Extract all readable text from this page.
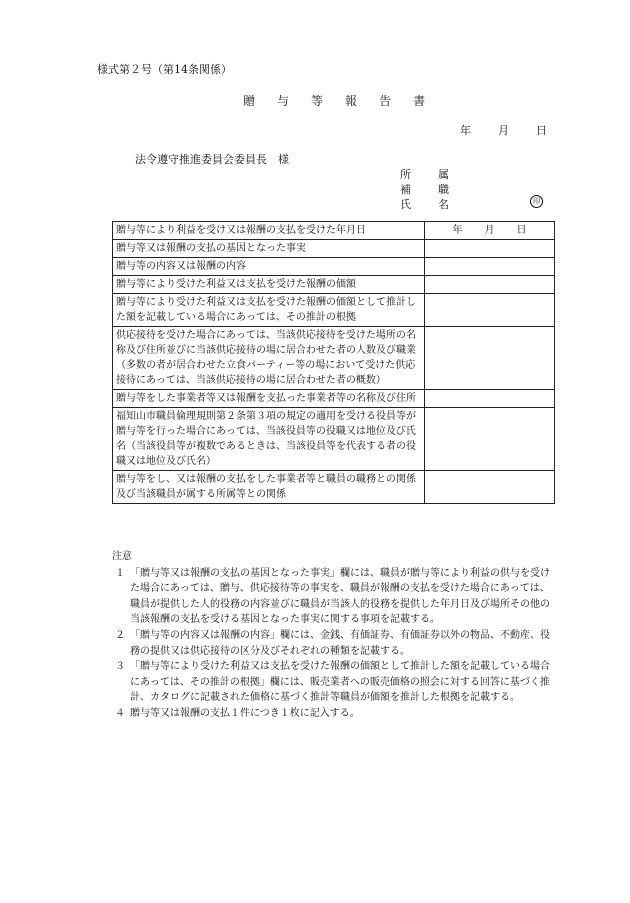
様式第２号（第14条関係）
贈 与 等 報 告 書
年 月 日
法令遵守推進委員会委員長　様
所　属
補　職
氏　名	印
贈与等により利益を受け又は報酬の支払を受けた年月日	年 月 日
贈与等又は報酬の支払の基因となった事実	
贈与等の内容又は報酬の内容	
贈与等により受けた利益又は支払を受けた報酬の価額	
贈与等により受けた利益又は支払を受けた報酬の価額として推計した額を記載している場合にあっては、その推計の根拠	
供応接待を受けた場合にあっては、当該供応接待を受けた場所の名称及び住所並びに当該供応接待の場に居合わせた者の人数及び職業（多数の者が居合わせた立食パーティー等の場において受けた供応接待にあっては、当該供応接待の場に居合わせた者の概数）	
贈与等をした事業者等又は報酬を支払った事業者等の名称及び住所	
福知山市職員倫理規則第２条第３項の規定の適用を受ける役員等が贈与等を行った場合にあっては、当該役員等の役職又は地位及び氏名（当該役員等が複数であるときは、当該役員等を代表する者の役職又は地位及び氏名）	
贈与等をし、又は報酬の支払をした事業者等と職員の職務との関係及び当該職員が属する所属等との関係	
注意
１ 「贈与等又は報酬の支払の基因となった事実」欄には、職員が贈与等により利益の供与を受けた場合にあっては、贈与、供応接待等の事実を、職員が報酬の支払を受けた場合にあっては、職員が提供した人的役務の内容並びに職員が当該人的役務を提供した年月日及び場所その他の当該報酬の支払を受ける基因となった事実に関する事項を記載する。
２ 「贈与等の内容又は報酬の内容」欄には、金銭、有価証券、有価証券以外の物品、不動産、役務の提供又は供応接待の区分及びそれぞれの種類を記載する。
３ 「贈与等により受けた利益又は支払を受けた報酬の価額として推計した額を記載している場合にあっては、その推計の根拠」欄には、販売業者への販売価格の照会に対する回答に基づく推計、カタログに記載された価格に基づく推計等職員が価額を推計した根拠を記載する。
４ 贈与等又は報酬の支払１件につき１枚に記入する。
